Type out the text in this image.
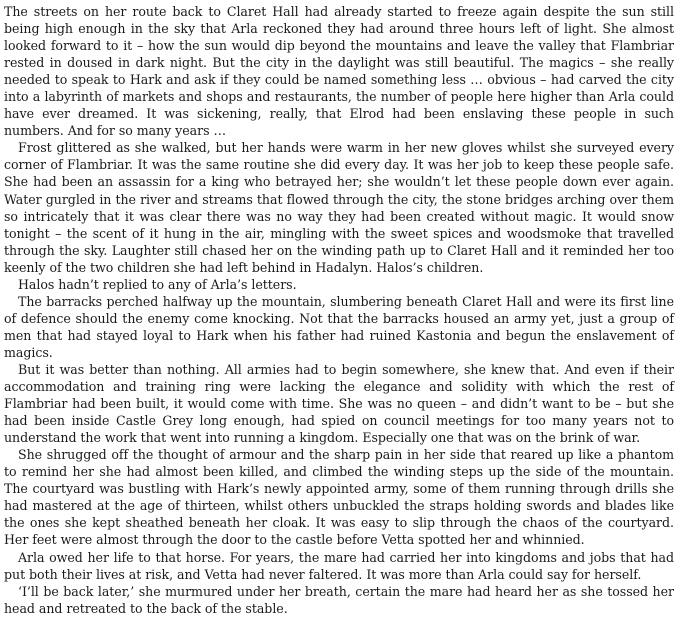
The streets on her route back to Claret Hall had already started to freeze again despite the sun still being high enough in the sky that Arla reckoned they had around three hours left of light. She almost looked forward to it – how the sun would dip beyond the mountains and leave the valley that Flambriar rested in doused in dark night. But the city in the daylight was still beautiful. The magics – she really needed to speak to Hark and ask if they could be named something less … obvious – had carved the city into a labyrinth of markets and shops and restaurants, the number of people here higher than Arla could have ever dreamed. It was sickening, really, that Elrod had been enslaving these people in such numbers. And for so many years …

Frost glittered as she walked, but her hands were warm in her new gloves whilst she surveyed every corner of Flambriar. It was the same routine she did every day. It was her job to keep these people safe. She had been an assassin for a king who betrayed her; she wouldn’t let these people down ever again. Water gurgled in the river and streams that flowed through the city, the stone bridges arching over them so intricately that it was clear there was no way they had been created without magic. It would snow tonight – the scent of it hung in the air, mingling with the sweet spices and woodsmoke that travelled through the sky. Laughter still chased her on the winding path up to Claret Hall and it reminded her too keenly of the two children she had left behind in Hadalyn. Halos’s children.

Halos hadn’t replied to any of Arla’s letters.

The barracks perched halfway up the mountain, slumbering beneath Claret Hall and were its first line of defence should the enemy come knocking. Not that the barracks housed an army yet, just a group of men that had stayed loyal to Hark when his father had ruined Kastonia and begun the enslavement of magics.

But it was better than nothing. All armies had to begin somewhere, she knew that. And even if their accommodation and training ring were lacking the elegance and solidity with which the rest of Flambriar had been built, it would come with time. She was no queen – and didn’t want to be – but she had been inside Castle Grey long enough, had spied on council meetings for too many years not to understand the work that went into running a kingdom. Especially one that was on the brink of war.

She shrugged off the thought of armour and the sharp pain in her side that reared up like a phantom to remind her she had almost been killed, and climbed the winding steps up the side of the mountain. The courtyard was bustling with Hark’s newly appointed army, some of them running through drills she had mastered at the age of thirteen, whilst others unbuckled the straps holding swords and blades like the ones she kept sheathed beneath her cloak. It was easy to slip through the chaos of the courtyard. Her feet were almost through the door to the castle before Vetta spotted her and whinnied.

Arla owed her life to that horse. For years, the mare had carried her into kingdoms and jobs that had put both their lives at risk, and Vetta had never faltered. It was more than Arla could say for herself.

‘I’ll be back later,’ she murmured under her breath, certain the mare had heard her as she tossed her head and retreated to the back of the stable.
